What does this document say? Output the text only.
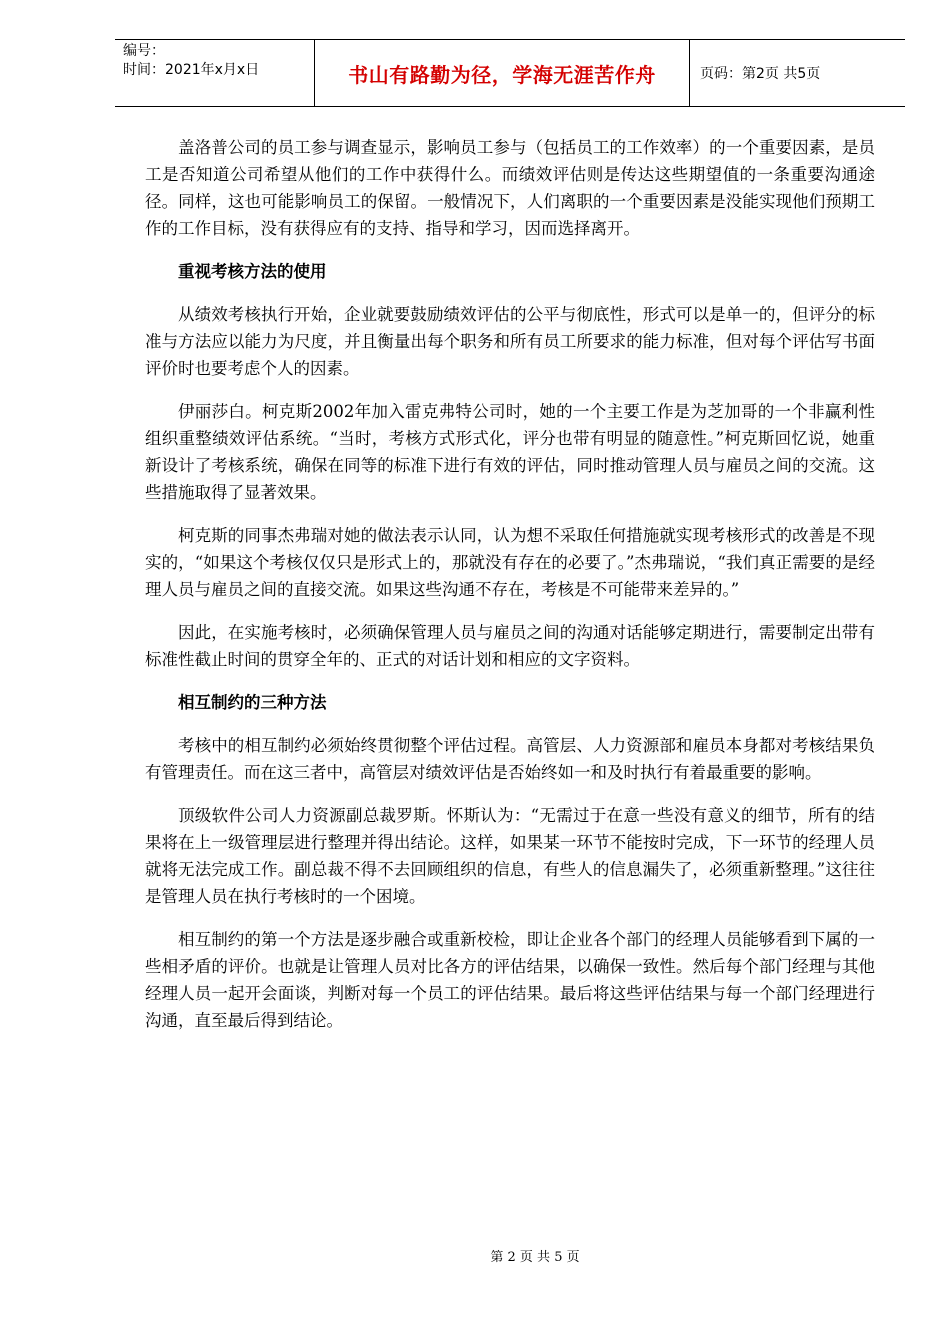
编号：
时间：2021年x月x日	书山有路勤为径，学海无涯苦作舟	页码：第2页 共5页

盖洛普公司的员工参与调查显示，影响员工参与（包括员工的工作效率）的一个重要因素，是员工是否知道公司希望从他们的工作中获得什么。而绩效评估则是传达这些期望值的一条重要沟通途径。同样，这也可能影响员工的保留。一般情况下，人们离职的一个重要因素是没能实现他们预期工作的工作目标，没有获得应有的支持、指导和学习，因而选择离开。

重视考核方法的使用

从绩效考核执行开始，企业就要鼓励绩效评估的公平与彻底性，形式可以是单一的，但评分的标准与方法应以能力为尺度，并且衡量出每个职务和所有员工所要求的能力标准，但对每个评估写书面评价时也要考虑个人的因素。

伊丽莎白。柯克斯2002年加入雷克弗特公司时，她的一个主要工作是为芝加哥的一个非赢利性组织重整绩效评估系统。“当时，考核方式形式化，评分也带有明显的随意性。”柯克斯回忆说，她重新设计了考核系统，确保在同等的标准下进行有效的评估，同时推动管理人员与雇员之间的交流。这些措施取得了显著效果。

柯克斯的同事杰弗瑞对她的做法表示认同，认为想不采取任何措施就实现考核形式的改善是不现实的，“如果这个考核仅仅只是形式上的，那就没有存在的必要了。”杰弗瑞说，“我们真正需要的是经理人员与雇员之间的直接交流。如果这些沟通不存在，考核是不可能带来差异的。”

因此，在实施考核时，必须确保管理人员与雇员之间的沟通对话能够定期进行，需要制定出带有标准性截止时间的贯穿全年的、正式的对话计划和相应的文字资料。

相互制约的三种方法

考核中的相互制约必须始终贯彻整个评估过程。高管层、人力资源部和雇员本身都对考核结果负有管理责任。而在这三者中，高管层对绩效评估是否始终如一和及时执行有着最重要的影响。

顶级软件公司人力资源副总裁罗斯。怀斯认为：“无需过于在意一些没有意义的细节，所有的结果将在上一级管理层进行整理并得出结论。这样，如果某一环节不能按时完成，下一环节的经理人员就将无法完成工作。副总裁不得不去回顾组织的信息，有些人的信息漏失了，必须重新整理。”这往往是管理人员在执行考核时的一个困境。

相互制约的第一个方法是逐步融合或重新校检，即让企业各个部门的经理人员能够看到下属的一些相矛盾的评价。也就是让管理人员对比各方的评估结果，以确保一致性。然后每个部门经理与其他经理人员一起开会面谈，判断对每一个员工的评估结果。最后将这些评估结果与每一个部门经理进行沟通，直至最后得到结论。

第 2 页 共 5 页
